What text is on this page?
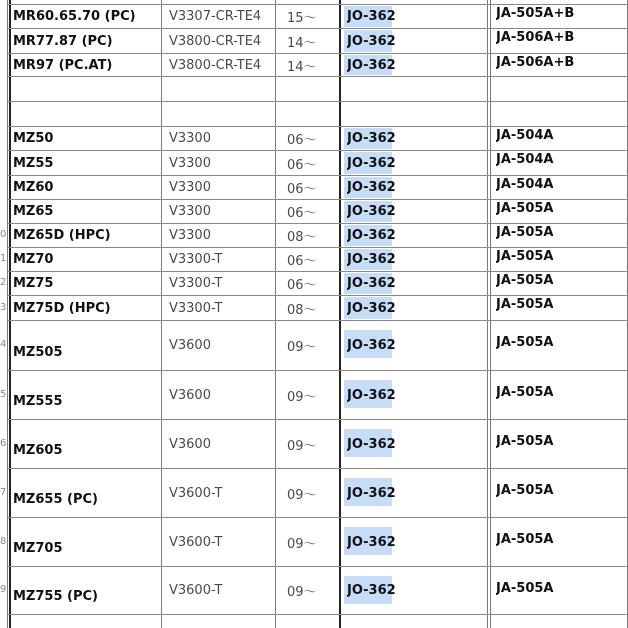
MR60.65.70 (PC)	V3307-CR-TE4	15～	JO-362	JA-505A+B
MR77.87 (PC)	V3800-CR-TE4	14～	JO-362	JA-506A+B
MR97 (PC.AT)	V3800-CR-TE4	14～	JO-362	JA-506A+B
MZ50	V3300	06～	JO-362	JA-504A
MZ55	V3300	06～	JO-362	JA-504A
MZ60	V3300	06～	JO-362	JA-504A
MZ65	V3300	06～	JO-362	JA-505A
0 MZ65D (HPC)	V3300	08～	JO-362	JA-505A
1 MZ70	V3300-T	06～	JO-362	JA-505A
2 MZ75	V3300-T	06～	JO-362	JA-505A
3 MZ75D (HPC)	V3300-T	08～	JO-362	JA-505A
4 MZ505	V3600	09～	JO-362	JA-505A
5 MZ555	V3600	09～	JO-362	JA-505A
6 MZ605	V3600	09～	JO-362	JA-505A
7 MZ655 (PC)	V3600-T	09～	JO-362	JA-505A
8 MZ705	V3600-T	09～	JO-362	JA-505A
9 MZ755 (PC)	V3600-T	09～	JO-362	JA-505A
